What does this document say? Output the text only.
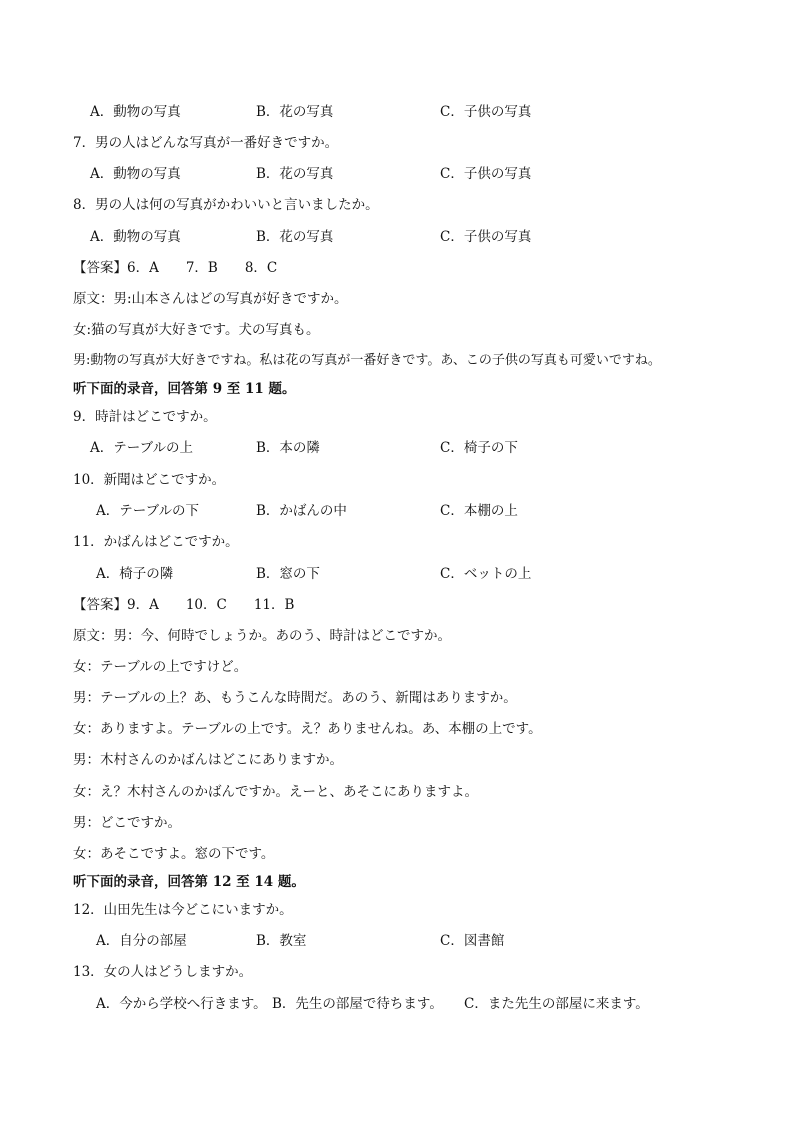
A．動物の写真	B．花の写真	C．子供の写真
7．男の人はどんな写真が一番好きですか。
A．動物の写真	B．花の写真	C．子供の写真
8．男の人は何の写真がかわいいと言いましたか。
A．動物の写真	B．花の写真	C．子供の写真
【答案】6．A　　7．B　　8．C
原文：男:山本さんはどの写真が好きですか。
女:猫の写真が大好きです。犬の写真も。
男:動物の写真が大好きですね。私は花の写真が一番好きです。あ、この子供の写真も可愛いですね。
听下面的录音，回答第 9 至 11 题。
9．時計はどこですか。
A．テーブルの上	B．本の隣	C．椅子の下
10．新聞はどこですか。
A．テーブルの下	B．かばんの中	C．本棚の上
11．かばんはどこですか。
A．椅子の隣	B．窓の下	C．ベットの上
【答案】9．A　　10．C　　11．B
原文：男：今、何時でしょうか。あのう、時計はどこですか。
女：テーブルの上ですけど。
男：テーブルの上？あ、もうこんな時間だ。あのう、新聞はありますか。
女：ありますよ。テーブルの上です。え？ありませんね。あ、本棚の上です。
男：木村さんのかばんはどこにありますか。
女：え？木村さんのかばんですか。えーと、あそこにありますよ。
男：どこですか。
女：あそこですよ。窓の下です。
听下面的录音，回答第 12 至 14 题。
12．山田先生は今どこにいますか。
A．自分の部屋	B．教室	C．図書館
13．女の人はどうしますか。
A．今から学校へ行きます。 B．先生の部屋で待ちます。 C．また先生の部屋に来ます。
